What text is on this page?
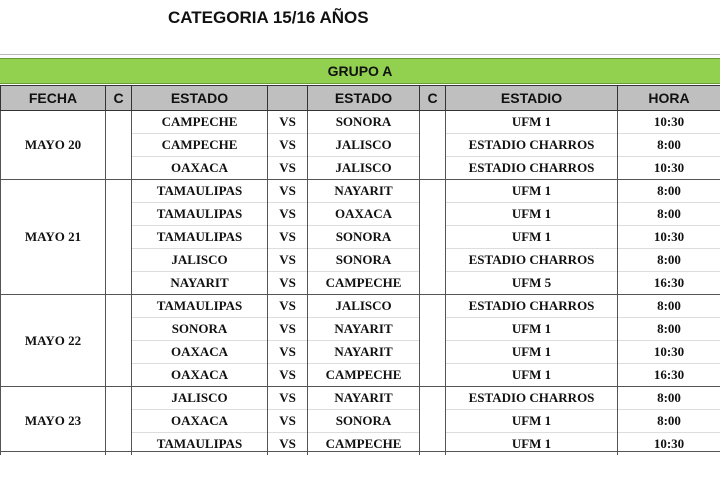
CATEGORIA 15/16 AÑOS
GRUPO A
FECHA	C	ESTADO		ESTADO	C	ESTADIO	HORA
MAYO 20		CAMPECHE	VS	SONORA		UFM 1	10:30
		CAMPECHE	VS	JALISCO		ESTADIO CHARROS	8:00
		OAXACA	VS	JALISCO		ESTADIO CHARROS	10:30
MAYO 21		TAMAULIPAS	VS	NAYARIT		UFM 1	8:00
		TAMAULIPAS	VS	OAXACA		UFM 1	8:00
		TAMAULIPAS	VS	SONORA		UFM 1	10:30
		JALISCO	VS	SONORA		ESTADIO CHARROS	8:00
		NAYARIT	VS	CAMPECHE		UFM 5	16:30
MAYO 22		TAMAULIPAS	VS	JALISCO		ESTADIO CHARROS	8:00
		SONORA	VS	NAYARIT		UFM 1	8:00
		OAXACA	VS	NAYARIT		UFM 1	10:30
		OAXACA	VS	CAMPECHE		UFM 1	16:30
MAYO 23		JALISCO	VS	NAYARIT		ESTADIO CHARROS	8:00
		OAXACA	VS	SONORA		UFM 1	8:00
		TAMAULIPAS	VS	CAMPECHE		UFM 1	10:30
